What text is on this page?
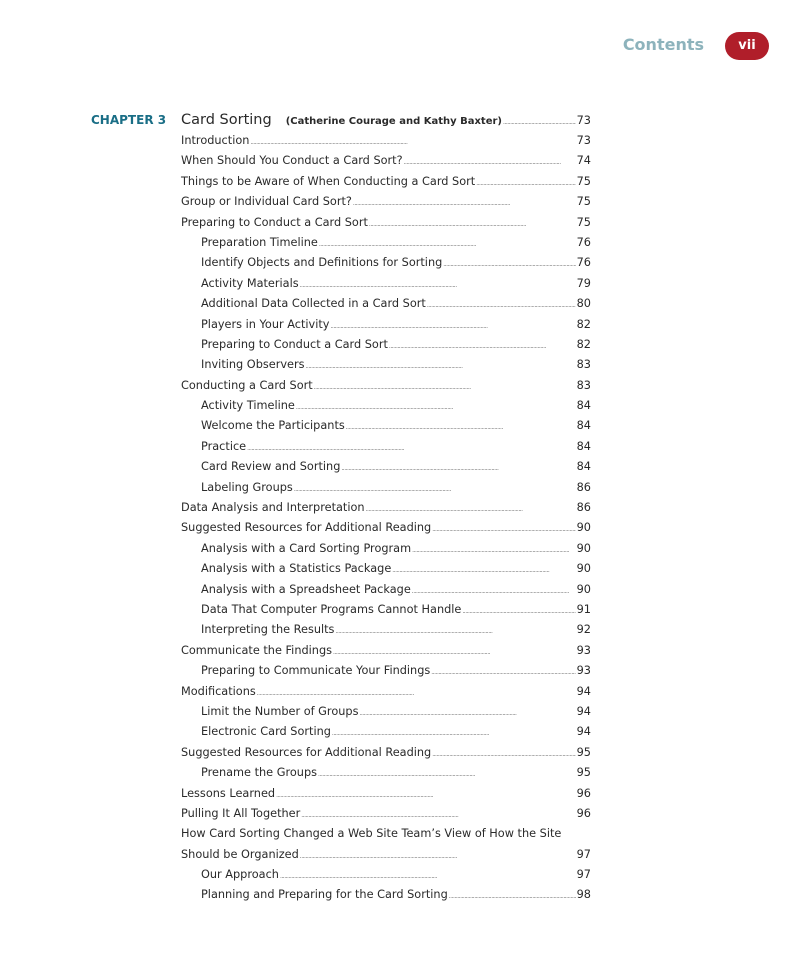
Contents	vii
CHAPTER 3	Card Sorting (Catherine Courage and Kathy Baxter) . . .	73
Introduction . . .	73
When Should You Conduct a Card Sort? . . .	74
Things to be Aware of When Conducting a Card Sort . . .	75
Group or Individual Card Sort? . . .	75
Preparing to Conduct a Card Sort . . .	75
Preparation Timeline . . .	76
Identify Objects and Definitions for Sorting . . .	76
Activity Materials . . .	79
Additional Data Collected in a Card Sort . . .	80
Players in Your Activity . . .	82
Preparing to Conduct a Card Sort . . .	82
Inviting Observers . . .	83
Conducting a Card Sort . . .	83
Activity Timeline . . .	84
Welcome the Participants . . .	84
Practice . . .	84
Card Review and Sorting . . .	84
Labeling Groups . . .	86
Data Analysis and Interpretation . . .	86
Suggested Resources for Additional Reading . . .	90
Analysis with a Card Sorting Program . . .	90
Analysis with a Statistics Package . . .	90
Analysis with a Spreadsheet Package . . .	90
Data That Computer Programs Cannot Handle . . .	91
Interpreting the Results . . .	92
Communicate the Findings . . .	93
Preparing to Communicate Your Findings . . .	93
Modifications . . .	94
Limit the Number of Groups . . .	94
Electronic Card Sorting . . .	94
Suggested Resources for Additional Reading . . .	95
Prename the Groups . . .	95
Lessons Learned . . .	96
Pulling It All Together . . .	96
How Card Sorting Changed a Web Site Team’s View of How the Site
Should be Organized . . .	97
Our Approach . . .	97
Planning and Preparing for the Card Sorting . . .	98
